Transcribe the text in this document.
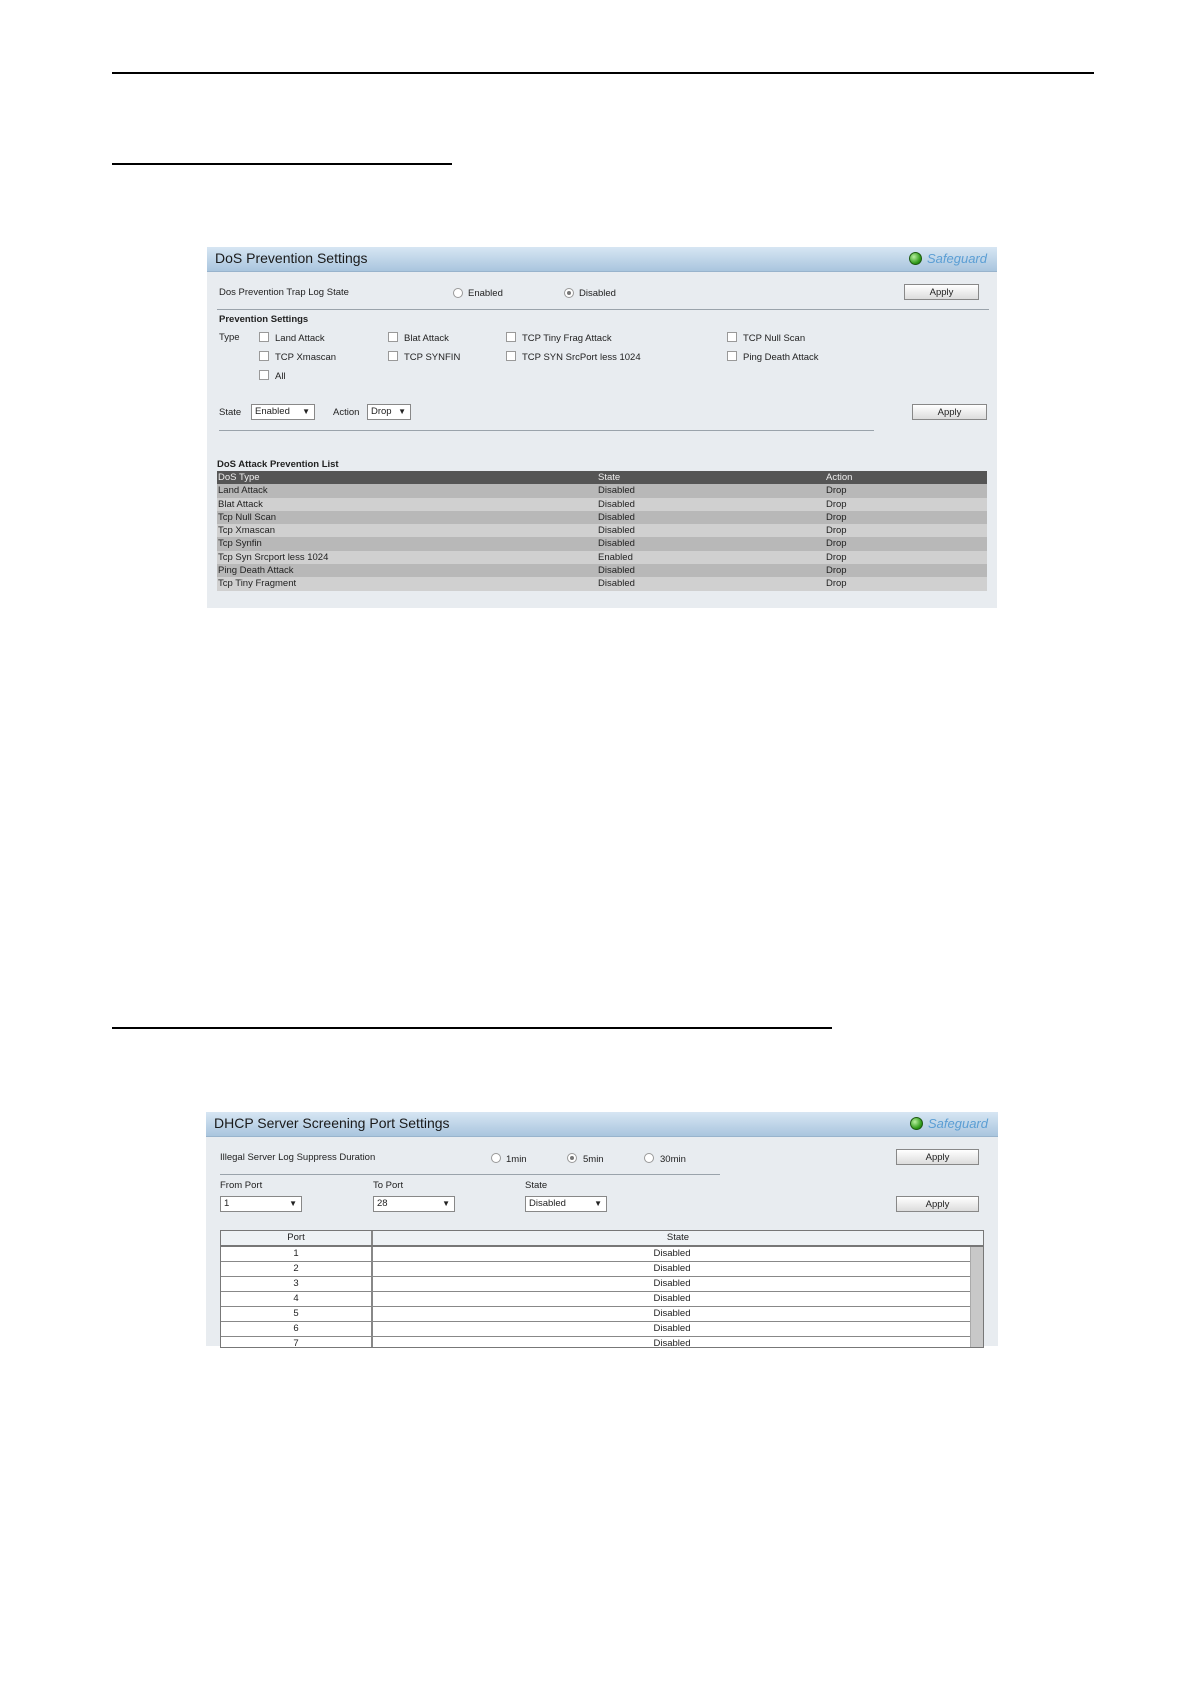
DoS Prevention Settings	Safeguard
Dos Prevention Trap Log State	Enabled	Disabled	Apply
Prevention Settings
Type	Land Attack	Blat Attack	TCP Tiny Frag Attack	TCP Null Scan
TCP Xmascan	TCP SYNFIN	TCP SYN SrcPort less 1024	Ping Death Attack
All
State	Enabled ▼ Action	Drop ▼	Apply
DoS Attack Prevention List
DoS Type	State	Action
Land Attack	Disabled	Drop
Blat Attack	Disabled	Drop
Tcp Null Scan	Disabled	Drop
Tcp Xmascan	Disabled	Drop
Tcp Synfin	Disabled	Drop
Tcp Syn Srcport less 1024	Enabled	Drop
Ping Death Attack	Disabled	Drop
Tcp Tiny Fragment	Disabled	Drop
DHCP Server Screening Port Settings	Safeguard
Illegal Server Log Suppress Duration	1min	5min	30min	Apply
From Port
1	▼
To Port
28	▼
State
Disabled	▼	Apply
Port	State
1	Disabled
2	Disabled
3	Disabled
4	Disabled
5	Disabled
6	Disabled
7	Disabled
